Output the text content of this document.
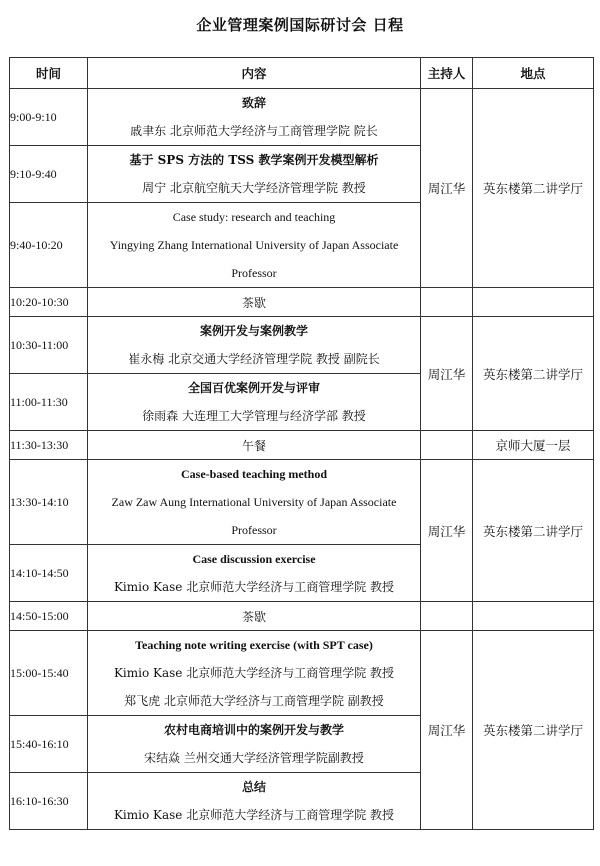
企业管理案例国际研讨会 日程
时间	内容	主持人	地点
9:00-9:10	致辞
戚聿东 北京师范大学经济与工商管理学院 院长	周江华	英东楼第二讲学厅
9:10-9:40	基于 SPS 方法的 TSS 教学案例开发模型解析
周宁 北京航空航天大学经济管理学院 教授		

9:40-10:20	Case study: research and teaching
Yingying Zhang International University of Japan Associate
Professor		

10:20-10:30	茶歇		
10:30-11:00	案例开发与案例教学
崔永梅 北京交通大学经济管理学院 教授 副院长	周江华	英东楼第二讲学厅
11:00-11:30	全国百优案例开发与评审
徐雨森 大连理工大学管理与经济学部 教授		

11:30-13:30	午餐		京师大厦一层
13:30-14:10	Case-based teaching method
Zaw Zaw Aung International University of Japan Associate
Professor	周江华	英东楼第二讲学厅
14:10-14:50	Case discussion exercise
Kimio Kase 北京师范大学经济与工商管理学院 教授		

14:50-15:00	茶歇		
15:00-15:40	Teaching note writing exercise (with SPT case)
Kimio Kase 北京师范大学经济与工商管理学院 教授
郑飞虎 北京师范大学经济与工商管理学院 副教授	周江华	英东楼第二讲学厅
15:40-16:10	农村电商培训中的案例开发与教学
宋结焱 兰州交通大学经济管理学院副教授		

16:10-16:30	总结
Kimio Kase 北京师范大学经济与工商管理学院 教授		
